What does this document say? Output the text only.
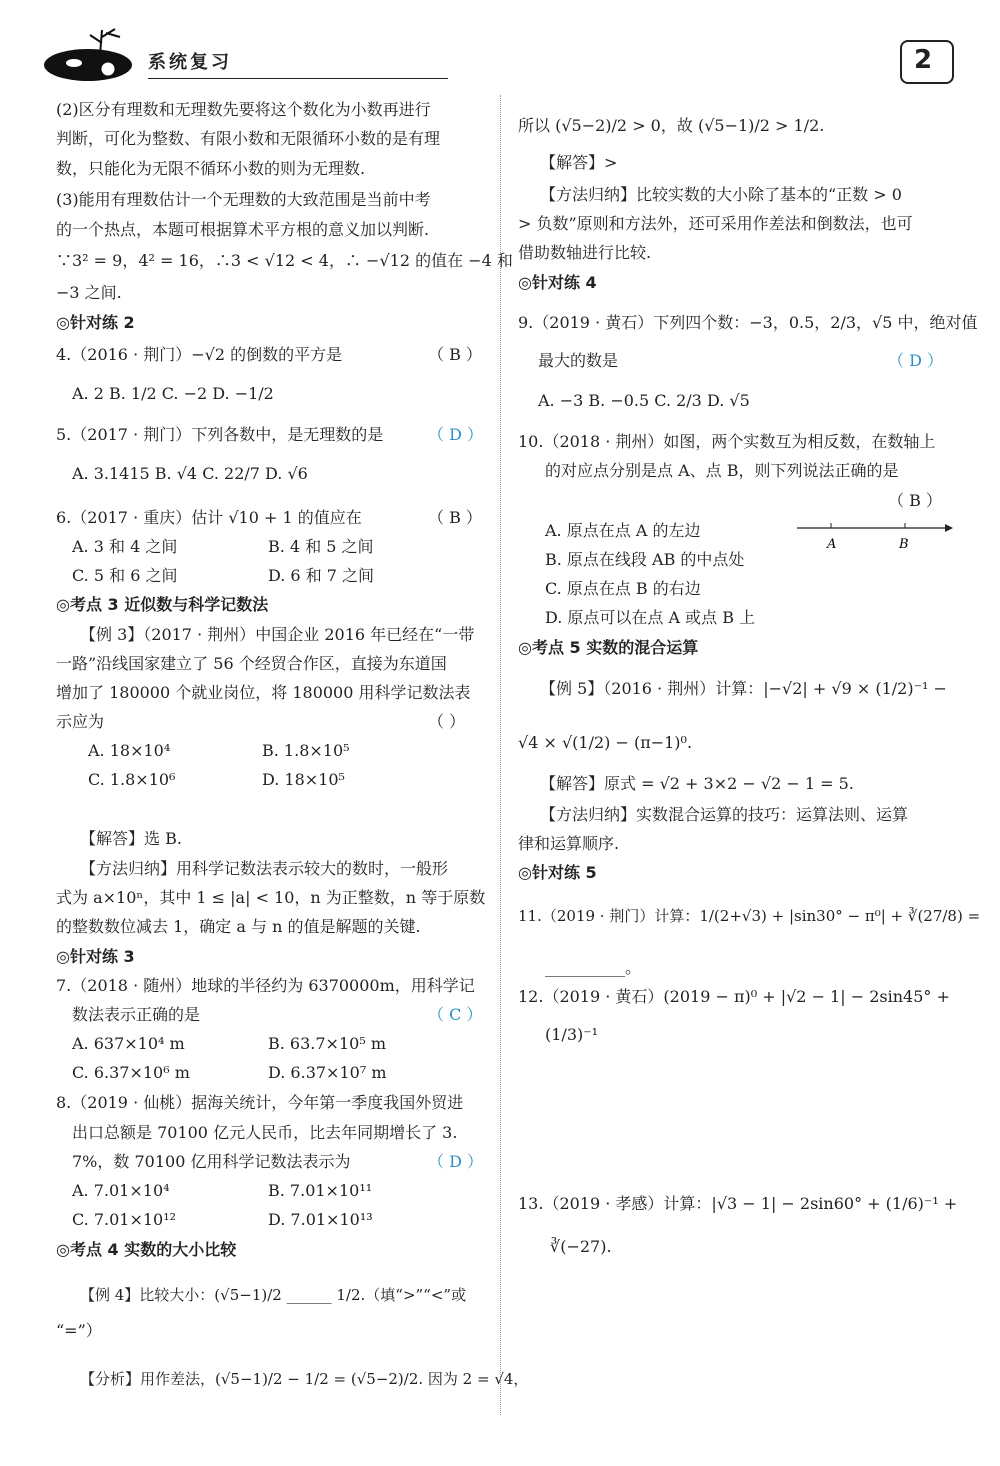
系统复习	2
(2)区分有理数和无理数先要将这个数化为小数再进行
判断，可化为整数、有限小数和无限循环小数的是有理
数，只能化为无限不循环小数的则为无理数.
(3)能用有理数估计一个无理数的大致范围是当前中考
的一个热点，本题可根据算术平方根的意义加以判断.
∵3² = 9，4² = 16，∴3 < √12 < 4，∴ −√12 的值在 −4 和
−3 之间.
◎针对练 2
4.（2016 · 荆门）−√2 的倒数的平方是	（ B ）
A. 2 B. 1/2 C. −2 D. −1/2
5.（2017 · 荆门）下列各数中，是无理数的是	（ D ）
A. 3.1415 B. √4 C. 22/7 D. √6
6.（2017 · 重庆）估计 √10 + 1 的值应在	（ B ）
A. 3 和 4 之间	B. 4 和 5 之间
C. 5 和 6 之间	D. 6 和 7 之间
◎考点 3 近似数与科学记数法
【例 3】（2017 · 荆州）中国企业 2016 年已经在“一带
一路”沿线国家建立了 56 个经贸合作区，直接为东道国
增加了 180000 个就业岗位，将 180000 用科学记数法表
示应为	（ ）
A. 18×10⁴	B. 1.8×10⁵
C. 1.8×10⁶	D. 18×10⁵
【解答】选 B.
【方法归纳】用科学记数法表示较大的数时，一般形
式为 a×10ⁿ，其中 1 ≤ |a| < 10，n 为正整数，n 等于原数
的整数数位减去 1，确定 a 与 n 的值是解题的关键.
◎针对练 3
7.（2018 · 随州）地球的半径约为 6370000m，用科学记
数法表示正确的是	（ C ）
A. 637×10⁴ m	B. 63.7×10⁵ m
C. 6.37×10⁶ m	D. 6.37×10⁷ m
8.（2019 · 仙桃）据海关统计，今年第一季度我国外贸进
出口总额是 70100 亿元人民币，比去年同期增长了 3.
7%，数 70100 亿用科学记数法表示为	（ D ）
A. 7.01×10⁴	B. 7.01×10¹¹
C. 7.01×10¹²	D. 7.01×10¹³
◎考点 4 实数的大小比较
【例 4】比较大小：(√5−1)/2 ______ 1/2.（填“>”“<”或
“=”）
【分析】用作差法，(√5−1)/2 − 1/2 = (√5−2)/2. 因为 2 = √4，
所以 (√5−2)/2 > 0，故 (√5−1)/2 > 1/2.
【解答】>
【方法归纳】比较实数的大小除了基本的“正数 > 0
> 负数”原则和方法外，还可采用作差法和倒数法，也可
借助数轴进行比较.
◎针对练 4
9.（2019 · 黄石）下列四个数：−3，0.5，2/3，√5 中，绝对值
最大的数是	（ D ）
A. −3 B. −0.5 C. 2/3 D. √5
10.（2018 · 荆州）如图，两个实数互为相反数，在数轴上
的对应点分别是点 A、点 B，则下列说法正确的是
（ B ）
A. 原点在点 A 的左边
B. 原点在线段 AB 的中点处
C. 原点在点 B 的右边
D. 原点可以在点 A 或点 B 上
A	B
◎考点 5 实数的混合运算
【例 5】（2016 · 荆州）计算：|−√2| + √9 × (1/2)⁻¹ −
√4 × √(1/2) − (π−1)⁰.
【解答】原式 = √2 + 3×2 − √2 − 1 = 5.
【方法归纳】实数混合运算的技巧：运算法则、运算
律和运算顺序.
◎针对练 5
11.（2019 · 荆门）计算：1/(2+√3) + |sin30° − π⁰| + ∛(27/8) =
__________。
12.（2019 · 黄石）(2019 − π)⁰ + |√2 − 1| − 2sin45° +
(1/3)⁻¹
13.（2019 · 孝感）计算：|√3 − 1| − 2sin60° + (1/6)⁻¹ +
∛(−27).
